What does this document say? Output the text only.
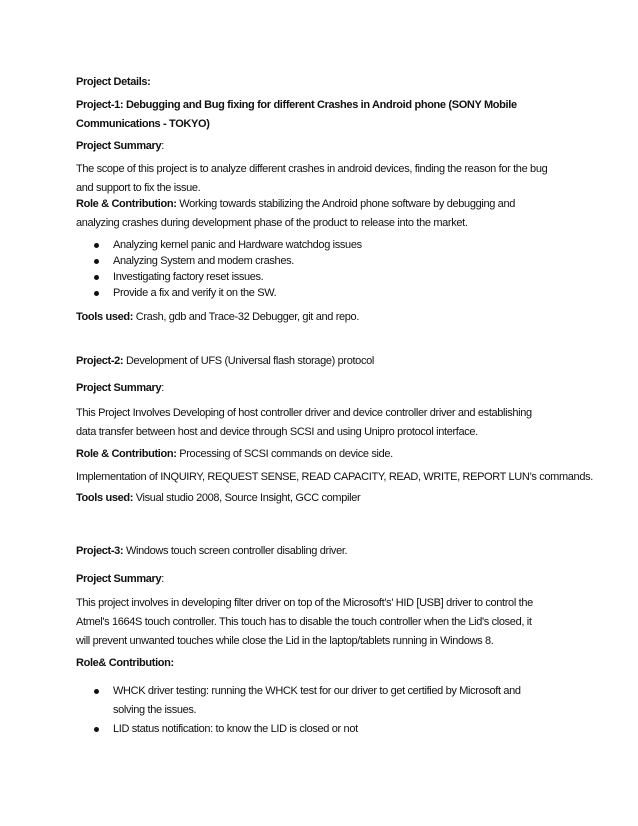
Project Details:
Project-1: Debugging and Bug fixing for different Crashes in Android phone (SONY Mobile
Communications - TOKYO)
Project Summary:
The scope of this project is to analyze different crashes in android devices, finding the reason for the bug
and support to fix the issue.
Role & Contribution: Working towards stabilizing the Android phone software by debugging and
analyzing crashes during development phase of the product to release into the market.
Analyzing kernel panic and Hardware watchdog issues
Analyzing System and modem crashes.
Investigating factory reset issues.
Provide a fix and verify it on the SW.
Tools used: Crash, gdb and Trace-32 Debugger, git and repo.
Project-2: Development of UFS (Universal flash storage) protocol
Project Summary:
This Project Involves Developing of host controller driver and device controller driver and establishing
data transfer between host and device through SCSI and using Unipro protocol interface.
Role & Contribution: Processing of SCSI commands on device side.
Implementation of INQUIRY, REQUEST SENSE, READ CAPACITY, READ, WRITE, REPORT LUN’s commands.
Tools used: Visual studio 2008, Source Insight, GCC compiler
Project-3: Windows touch screen controller disabling driver.
Project Summary:
This project involves in developing filter driver on top of the Microsoft’s' HID [USB] driver to control the
Atmel's 1664S touch controller. This touch has to disable the touch controller when the Lid's closed, it
will prevent unwanted touches while close the Lid in the laptop/tablets running in Windows 8.
Role& Contribution:
WHCK driver testing: running the WHCK test for our driver to get certified by Microsoft and
solving the issues.
LID status notification: to know the LID is closed or not
